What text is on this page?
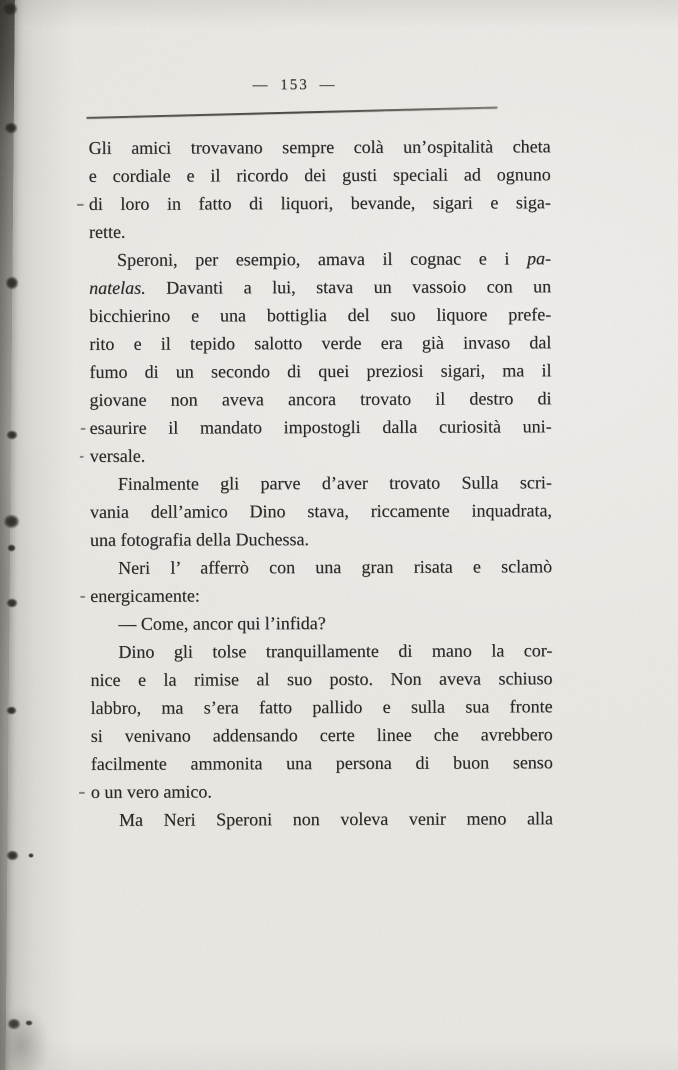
— 153 —
Gli amici trovavano sempre colà un’ospitalità cheta
e cordiale e il ricordo dei gusti speciali ad ognuno
di loro in fatto di liquori, bevande, sigari e siga-
rette.
Speroni, per esempio, amava il cognac e i pa-
natelas. Davanti a lui, stava un vassoio con un
bicchierino e una bottiglia del suo liquore prefe-
rito e il tepido salotto verde era già invaso dal
fumo di un secondo di quei preziosi sigari, ma il
giovane non aveva ancora trovato il destro di
esaurire il mandato impostogli dalla curiosità uni-
versale.
Finalmente gli parve d’aver trovato Sulla scri-
vania dell’amico Dino stava, riccamente inquadrata,
una fotografia della Duchessa.
Neri l’ afferrò con una gran risata e sclamò
energicamente:
— Come, ancor qui l’infida?
Dino gli tolse tranquillamente di mano la cor-
nice e la rimise al suo posto. Non aveva schiuso
labbro, ma s’era fatto pallido e sulla sua fronte
si venivano addensando certe linee che avrebbero
facilmente ammonita una persona di buon senso
o un vero amico.
Ma Neri Speroni non voleva venir meno alla
